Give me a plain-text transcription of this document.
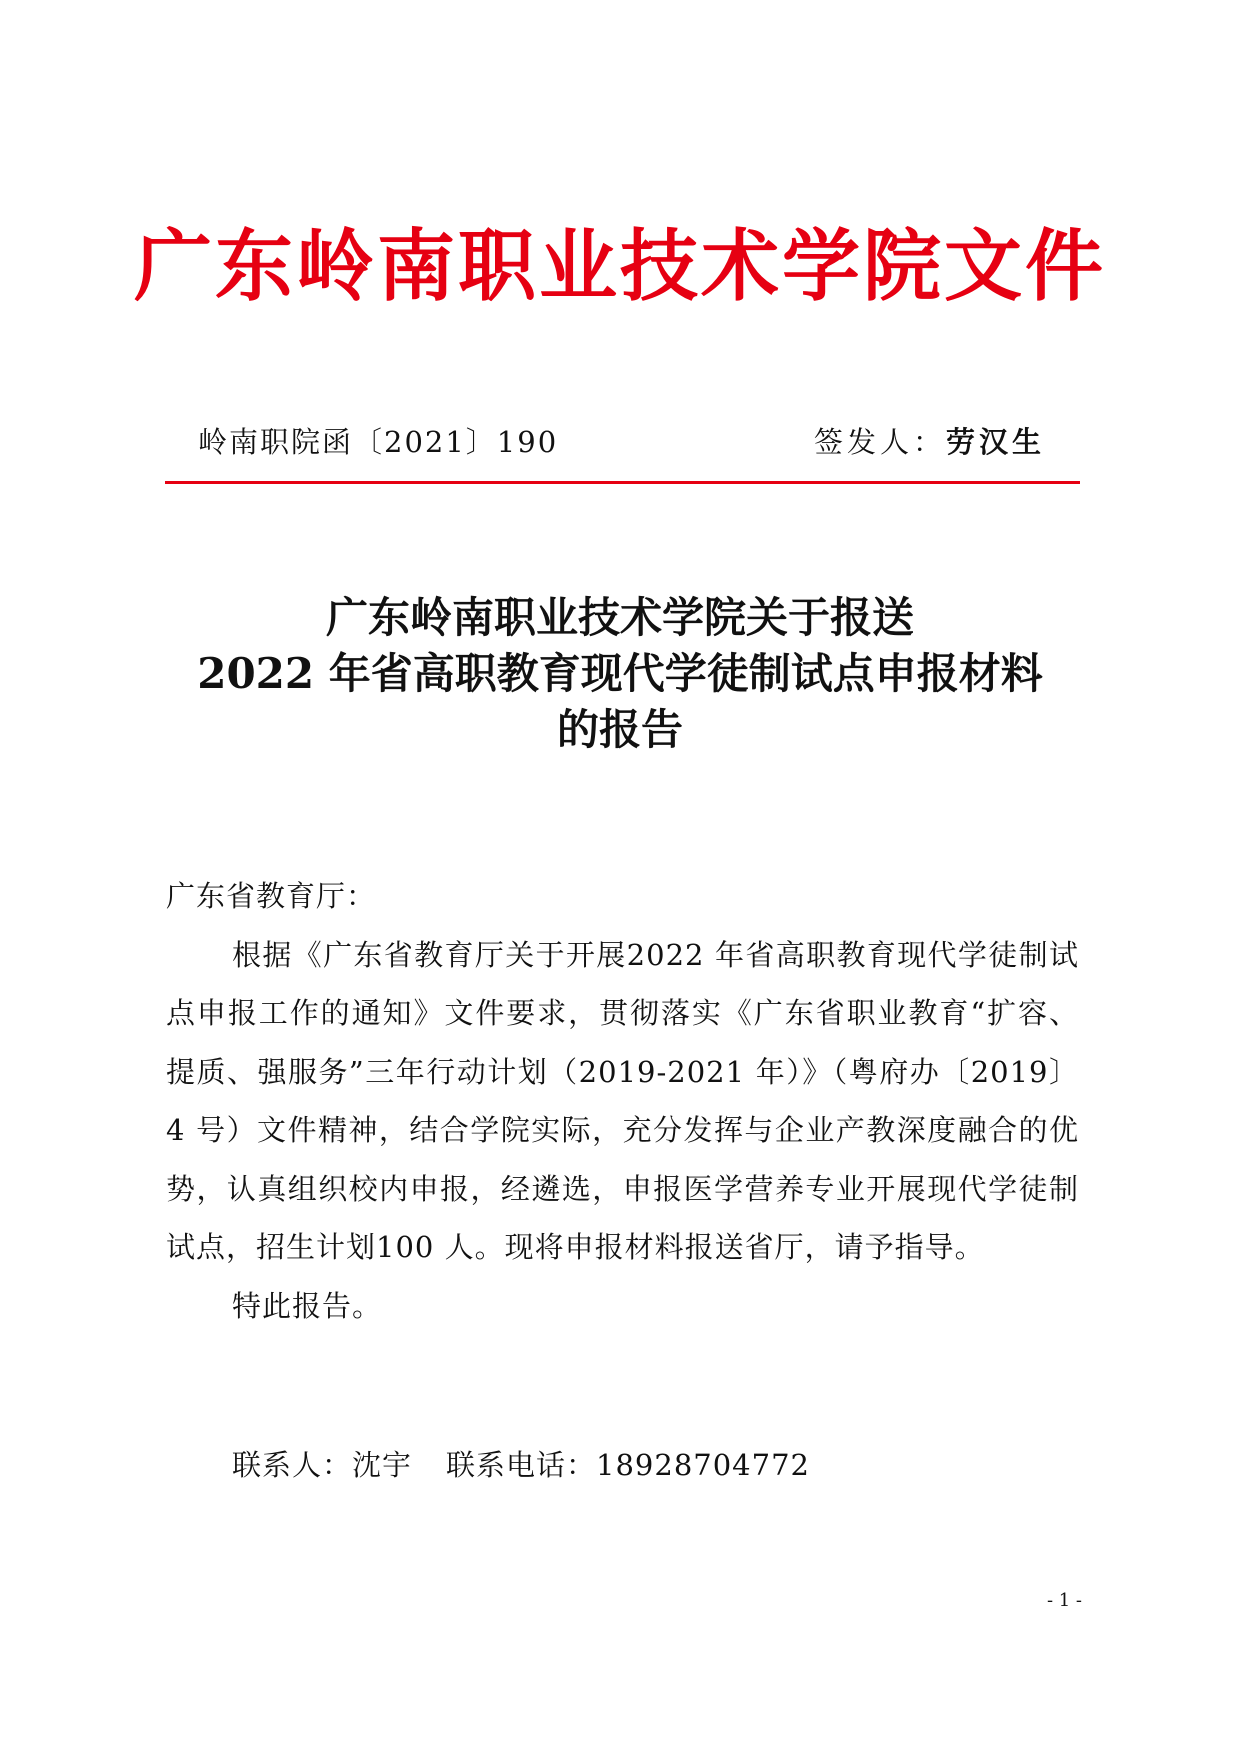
广东岭南职业技术学院文件
岭南职院函〔2021〕190	签发人：劳汉生
广东岭南职业技术学院关于报送
2022 年省高职教育现代学徒制试点申报材料
的报告

广东省教育厅：

根据《广东省教育厅关于开展2022 年省高职教育现代学徒制试点申报工作的通知》文件要求，贯彻落实《广东省职业教育“扩容、提质、强服务”三年行动计划（2019-2021 年）》（粤府办〔2019〕4 号）文件精神，结合学院实际，充分发挥与企业产教深度融合的优势，认真组织校内申报，经遴选，申报医学营养专业开展现代学徒制试点，招生计划100 人。现将申报材料报送省厅，请予指导。

特此报告。

联系人：沈宇 联系电话：18928704772
- 1 -
